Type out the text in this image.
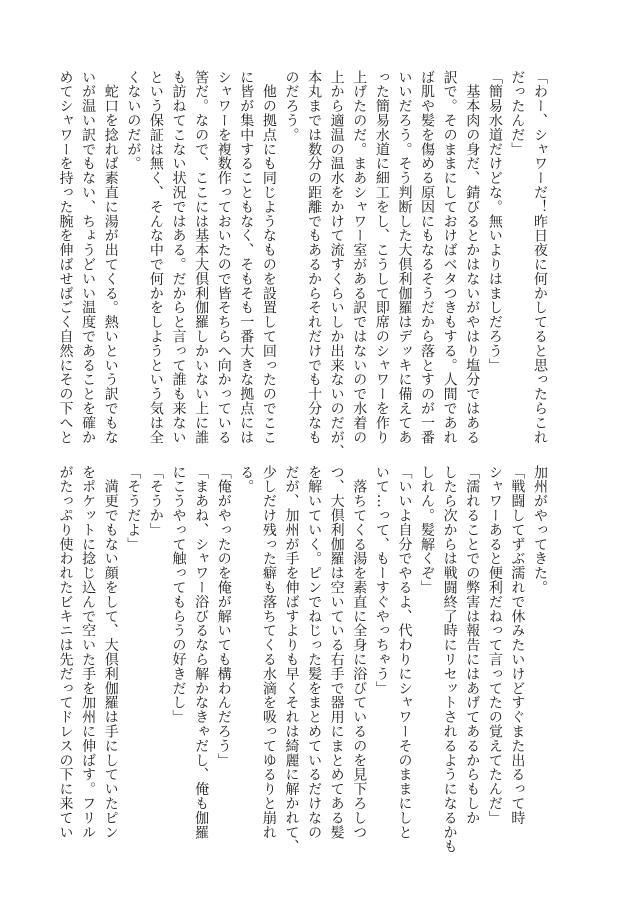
「わー、シャワーだ！昨日夜に何かしてると思ったらこれ
だったんだ」
「簡易水道だけどな。無いよりはましだろう」
　基本肉の身だ、錆びるとかはないがやはり塩分ではある
訳で。そのままにしておけばベタつきもする。人間であれ
ば肌や髪を傷める原因にもなるそうだから落とすのが一番
いいだろう。そう判断した大倶利伽羅はデッキに備えてあ
った簡易水道に細工をし、こうして即席のシャワーを作り
上げたのだ。まあシャワー室がある訳ではないので水着の
上から適温の温水をかけて流すくらいしか出来ないのだが、
本丸までは数分の距離でもあるからそれだけでも十分なも
のだろう。
　他の拠点にも同じようなものを設置して回ったのでここ
に皆が集中することもなく、そもそも一番大きな拠点には
シャワーを複数作っておいたので皆そちらへ向かっている
筈だ。なので、ここには基本大倶利伽羅しかいない上に誰
も訪ねてこない状況ではある。だからと言って誰も来ない
という保証は無く、そんな中で何かをしようという気は全
くないのだが。
　蛇口を捻れば素直に湯が出てくる。熱いという訳でもな
いが温い訳でもない、ちょうどいい温度であることを確か
めてシャワーを持った腕を伸ばせばごく自然にその下へと
加州がやってきた。
「戦闘してずぶ濡れで休みたいけどすぐまた出るって時
シャワーあると便利だねって言ってたの覚えてたんだ」
「濡れることでの弊害は報告にはあげてあるからもしか
したら次からは戦闘終了時にリセットされるようになるかも
しれん。髪解くぞ」
「いいよ自分でやるよ、代わりにシャワーそのままにしと
いて…って、もーすぐやっちゃう」
　落ちてくる湯を素直に全身に浴びているのを見下ろしつ
つ、大倶利伽羅は空いている右手で器用にまとめてある髪
を解いていく。ピンでねじった髪をまとめているだけなの
だが、加州が手を伸ばすよりも早くそれは綺麗に解かれて、
少しだけ残った癖も落ちてくる水滴を吸ってゆるりと崩れ
る。
「俺がやったのを俺が解いても構わんだろう」
「まあね、シャワー浴びるなら解かなきゃだし、俺も伽羅
にこうやって触ってもらうの好きだし」
「そうか」
「そうだよ」
　満更でもない顔をして、大倶利伽羅は手にしていたピン
をポケットに捻じ込んで空いた手を加州に伸ばす。フリル
がたっぷり使われたビキニは先だってドレスの下に来てい
